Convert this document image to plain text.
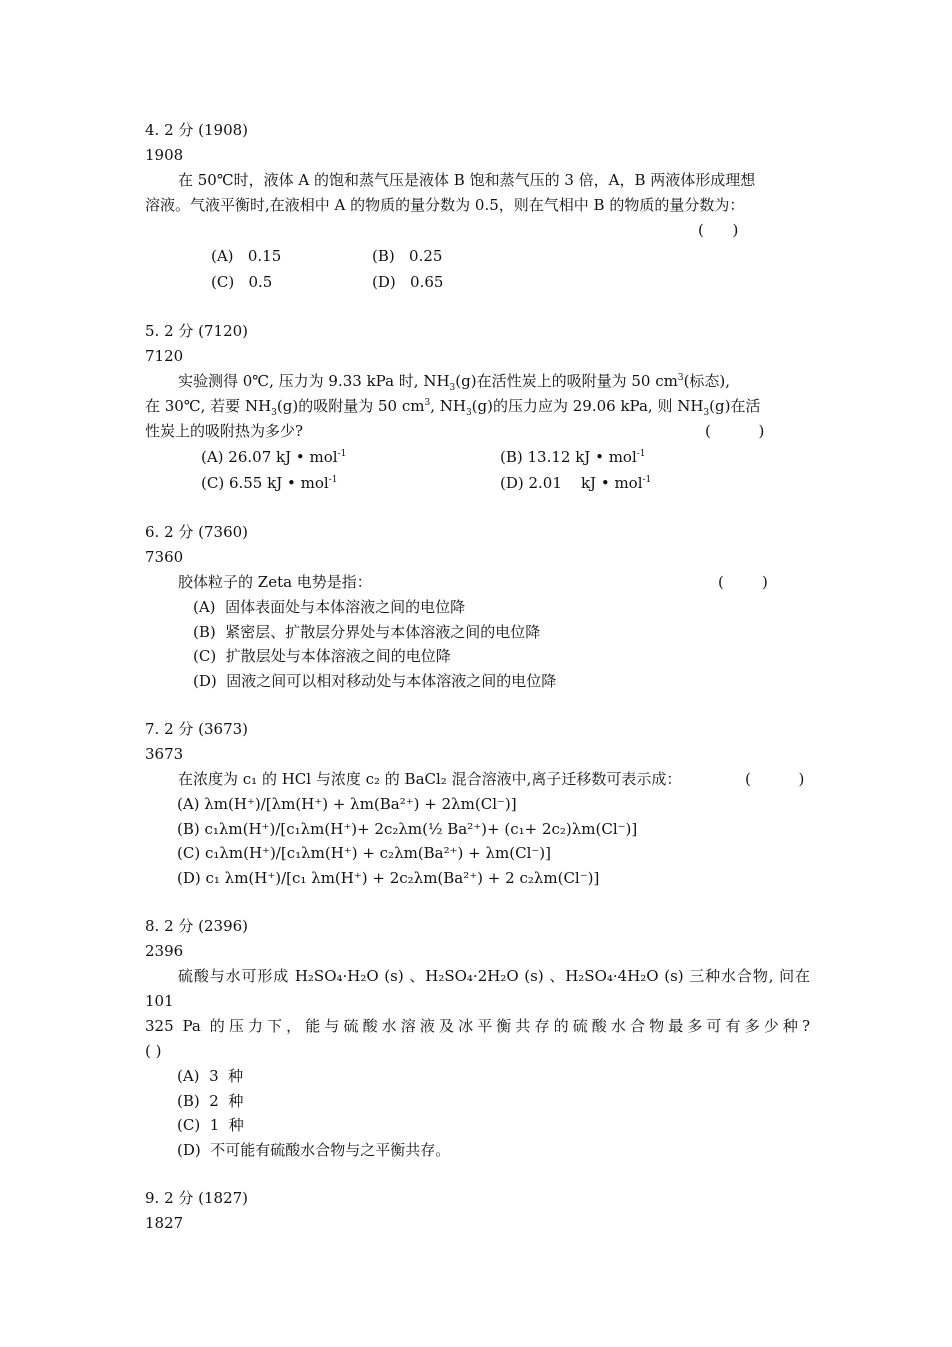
4. 2 分 (1908)
1908

在 50℃时，液体 A 的饱和蒸气压是液体 B 饱和蒸气压的 3 倍，A，B 两液体形成理想

溶液。气液平衡时,在液相中 A 的物质的量分数为 0.5，则在气相中 B 的物质的量分数为：

(      )
(A)   0.15	(B)   0.25
(C)   0.5	(D)   0.65
5. 2 分 (7120)
7120

实验测得 0℃, 压力为 9.33 kPa 时, $NH_3(g)$在活性炭上的吸附量为 50 $cm^3$(标态),

在 30℃, 若要 $NH_3(g)$的吸附量为 50 $cm^3$, $NH_3(g)$的压力应为 29.06 kPa, 则 $NH_3(g)$在活

性炭上的吸附热为多少?	(          )
(A) 26.07 kJ • mol$^{-1}$	(B) 13.12 kJ • mol$^{-1}$
(C) 6.55 kJ • mol$^{-1}$	(D) 2.01    kJ • mol$^{-1}$
6. 2 分 (7360)
7360
胶体粒子的 Zeta 电势是指：	(        )
(A)  固体表面处与本体溶液之间的电位降
(B)  紧密层、扩散层分界处与本体溶液之间的电位降
(C)  扩散层处与本体溶液之间的电位降
(D)  固液之间可以相对移动处与本体溶液之间的电位降
7. 2 分 (3673)
3673
在浓度为 c₁ 的 HCl 与浓度 c₂ 的 BaCl₂ 混合溶液中,离子迁移数可表示成：	(          )
(A) λm(H⁺)/[λm(H⁺) + λm(Ba²⁺) + 2λm(Cl⁻)]
(B) c₁λm(H⁺)/[c₁λm(H⁺)+ 2c₂λm(½ Ba²⁺)+ (c₁+ 2c₂)λm(Cl⁻)]
(C) c₁λm(H⁺)/[c₁λm(H⁺) + c₂λm(Ba²⁺) + λm(Cl⁻)]
(D) c₁ λm(H⁺)/[c₁ λm(H⁺) + 2c₂λm(Ba²⁺) + 2 c₂λm(Cl⁻)]
8. 2 分 (2396)
2396

硫酸与水可形成 H₂SO₄·H₂O (s) 、H₂SO₄·2H₂O (s) 、H₂SO₄·4H₂O (s) 三种水合物, 问在 101

325 Pa 的压力下，能与硫酸水溶液及冰平衡共存的硫酸水合物最多可有多少种?

( )

(A)  3  种
(B)  2  种
(C)  1  种
(D)  不可能有硫酸水合物与之平衡共存。
9. 2 分 (1827)
1827
